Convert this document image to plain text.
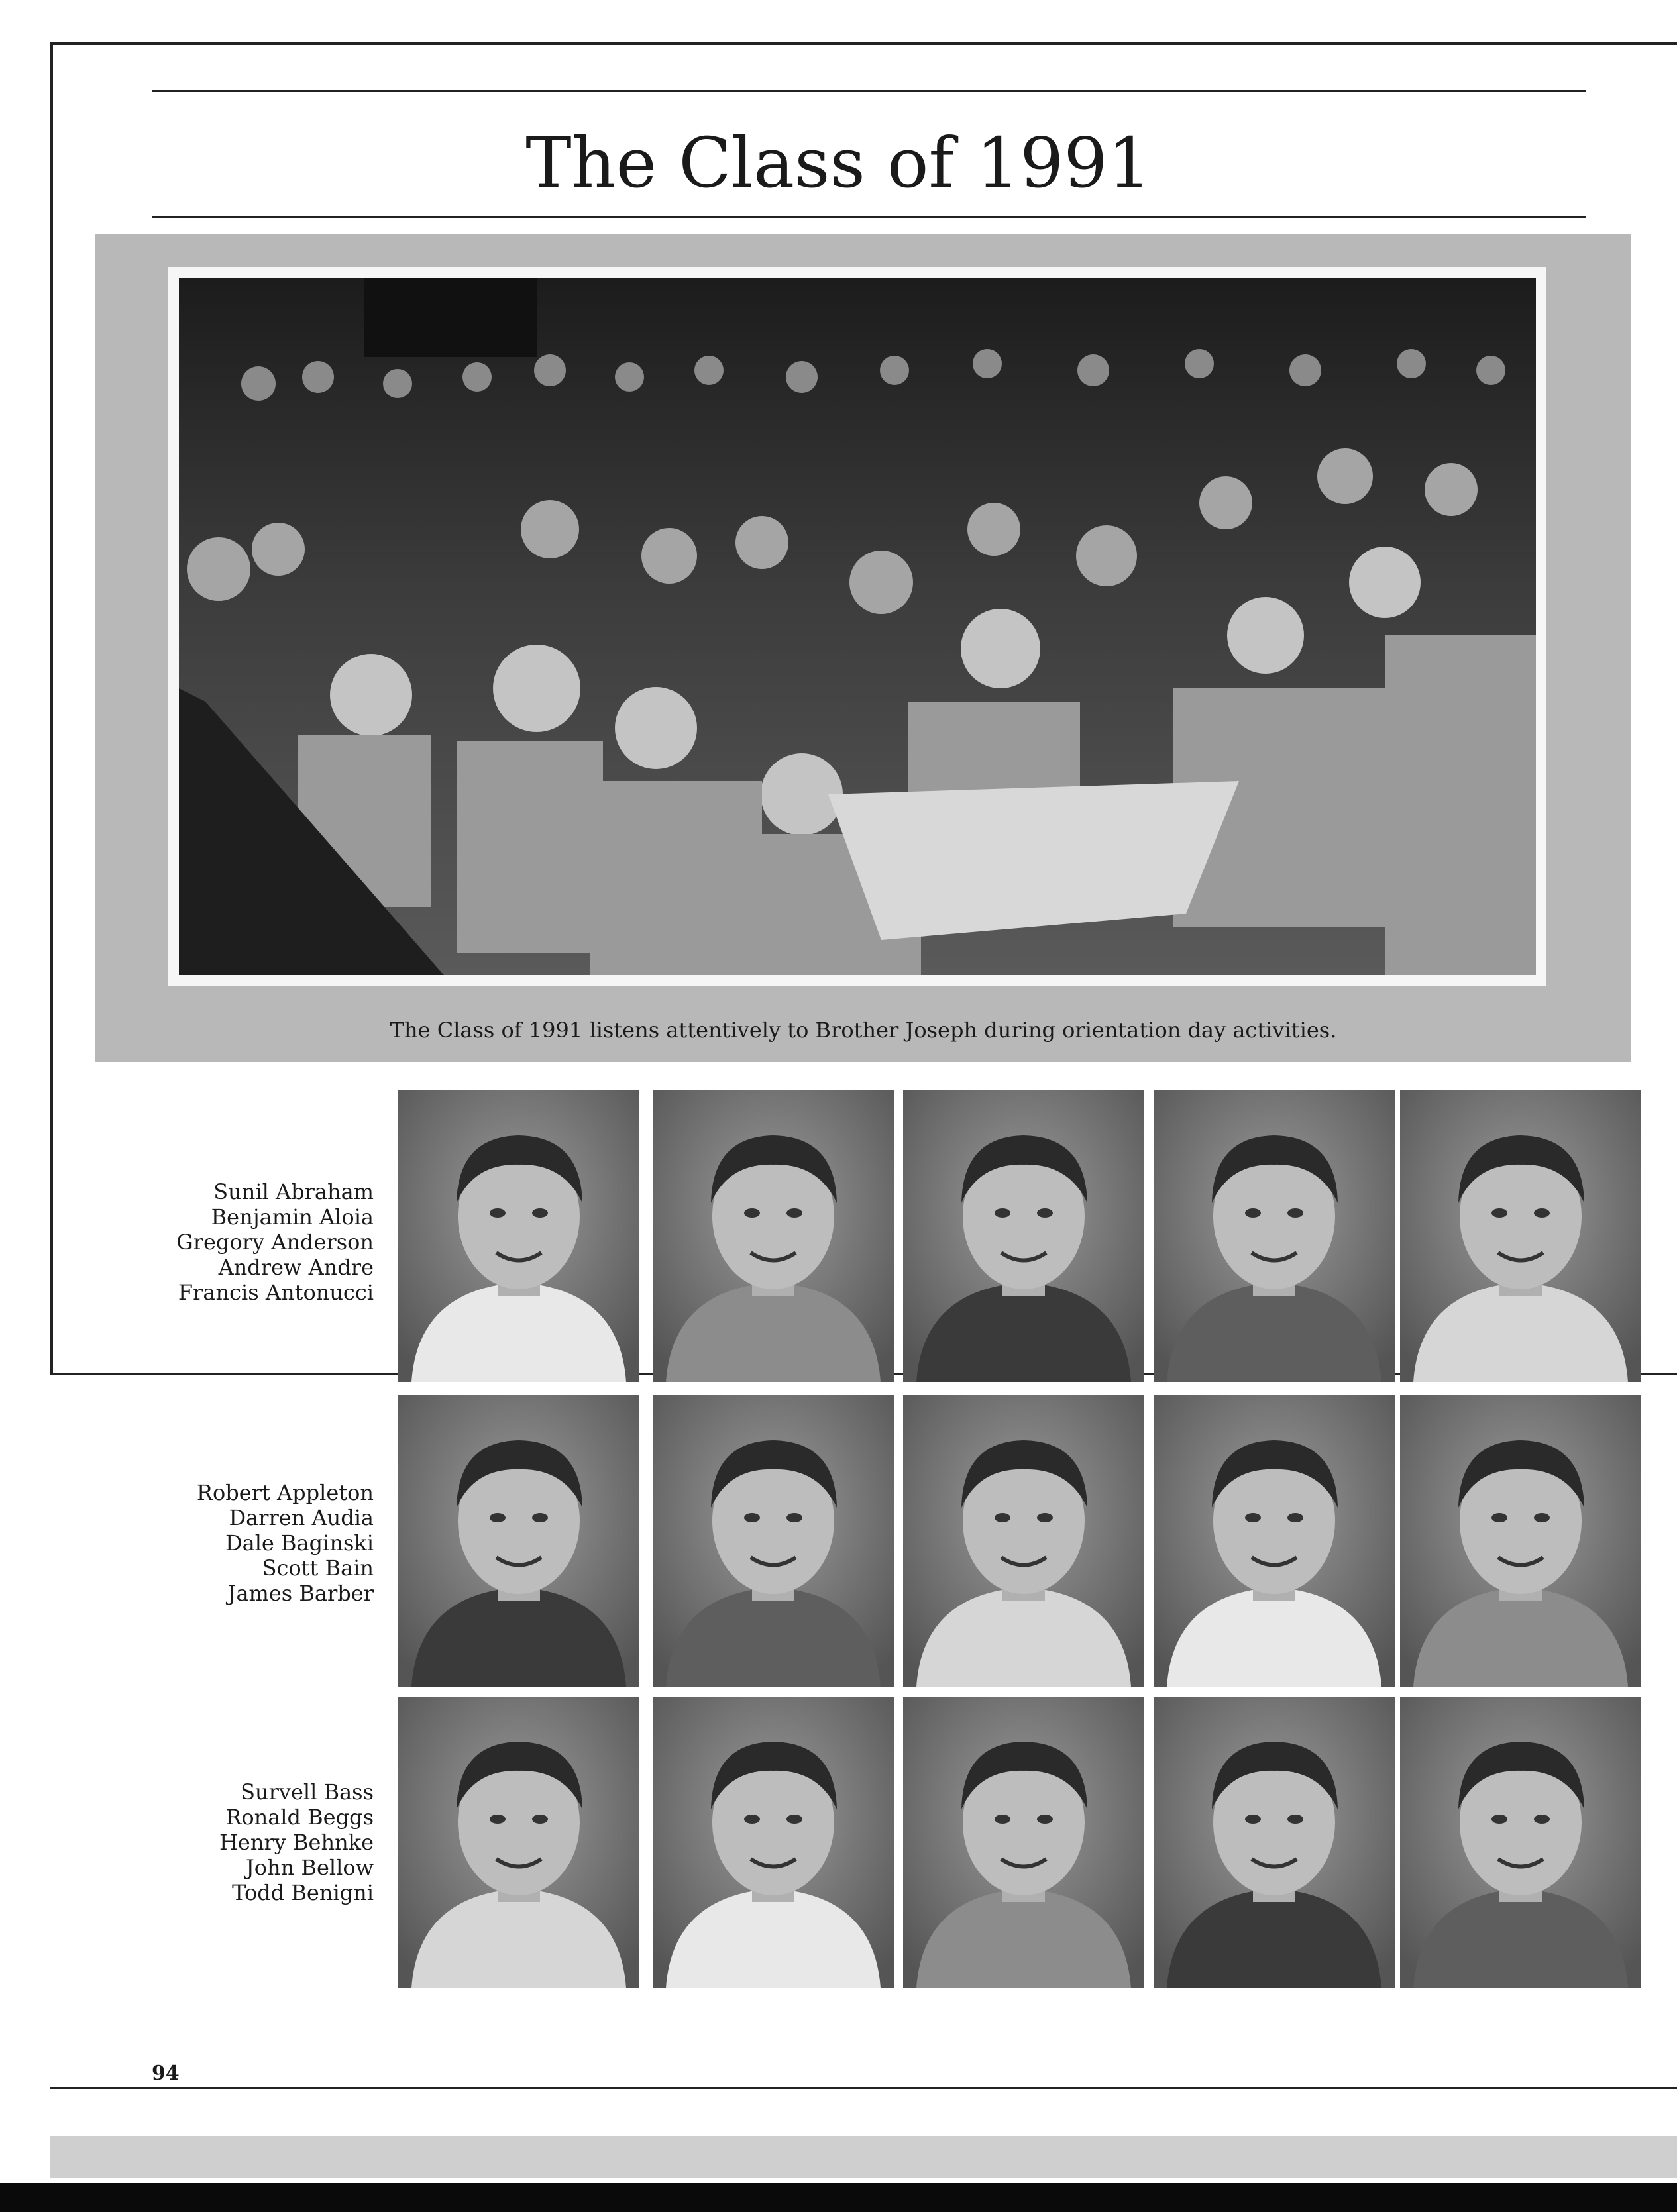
The Class of 1991
The Class of 1991 listens attentively to Brother Joseph during orientation day activities.
Sunil Abraham
Benjamin Aloia
Gregory Anderson
Andrew Andre
Francis Antonucci
Robert Appleton
Darren Audia
Dale Baginski
Scott Bain
James Barber
Survell Bass
Ronald Beggs
Henry Behnke
John Bellow
Todd Benigni
94
